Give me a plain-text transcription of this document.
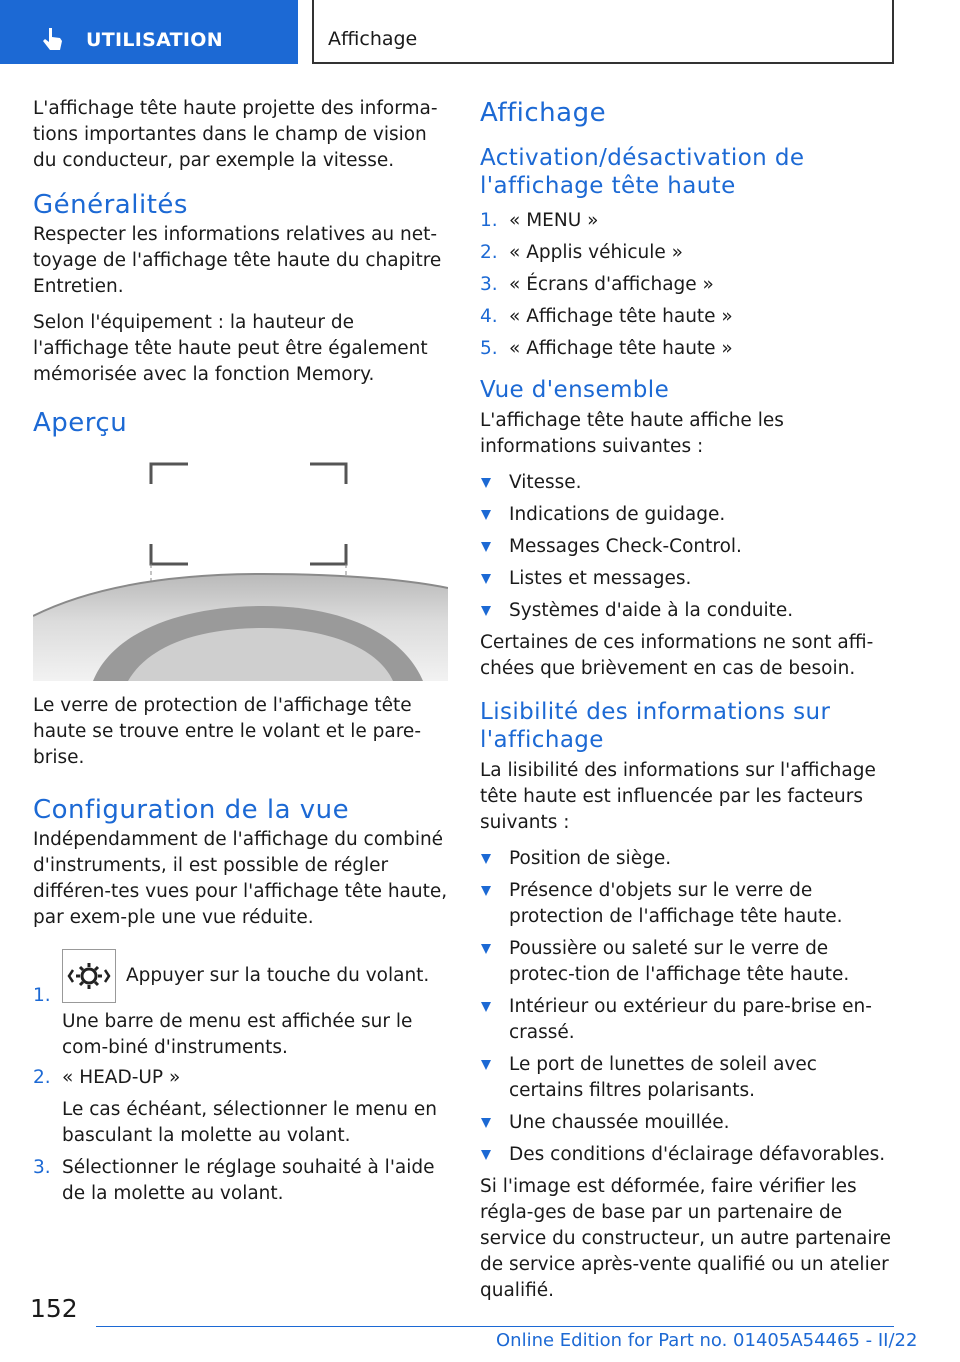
UTILISATION	Affichage

L'affichage tête haute projette des informa-tions importantes dans le champ de vision du conducteur, par exemple la vitesse.

Généralités

Respecter les informations relatives au net-toyage de l'affichage tête haute du chapitre Entretien.

Selon l'équipement : la hauteur de l'affichage tête haute peut être également mémorisée avec la fonction Memory.

Aperçu

Le verre de protection de l'affichage tête haute se trouve entre le volant et le pare-brise.

Configuration de la vue

Indépendamment de l'affichage du combiné d'instruments, il est possible de régler différen-tes vues pour l'affichage tête haute, par exem-ple une vue réduite.

1.
Appuyer sur la touche du volant.
Une barre de menu est affichée sur le com-biné d'instruments.
2. « HEAD-UP »
Le cas échéant, sélectionner le menu en basculant la molette au volant.
3. Sélectionner le réglage souhaité à l'aide de la molette au volant.
Affichage
Activation/désactivation de l'affichage tête haute
1. « MENU »
2. « Applis véhicule »
3. « Écrans d'affichage »
4. « Affichage tête haute »
5. « Affichage tête haute »
Vue d'ensemble

L'affichage tête haute affiche les informations suivantes :

Vitesse.
Indications de guidage.
Messages Check-Control.
Listes et messages.
Systèmes d'aide à la conduite.

Certaines de ces informations ne sont affi-chées que brièvement en cas de besoin.

Lisibilité des informations sur l'affichage

La lisibilité des informations sur l'affichage tête haute est influencée par les facteurs suivants :

Position de siège.
Présence d'objets sur le verre de protection de l'affichage tête haute.
Poussière ou saleté sur le verre de protec-tion de l'affichage tête haute.
Intérieur ou extérieur du pare-brise en-crassé.
Le port de lunettes de soleil avec certains filtres polarisants.
Une chaussée mouillée.
Des conditions d'éclairage défavorables.

Si l'image est déformée, faire vérifier les régla-ges de base par un partenaire de service du constructeur, un autre partenaire de service après-vente qualifié ou un atelier qualifié.

152
Online Edition for Part no. 01405A54465 - II/22
